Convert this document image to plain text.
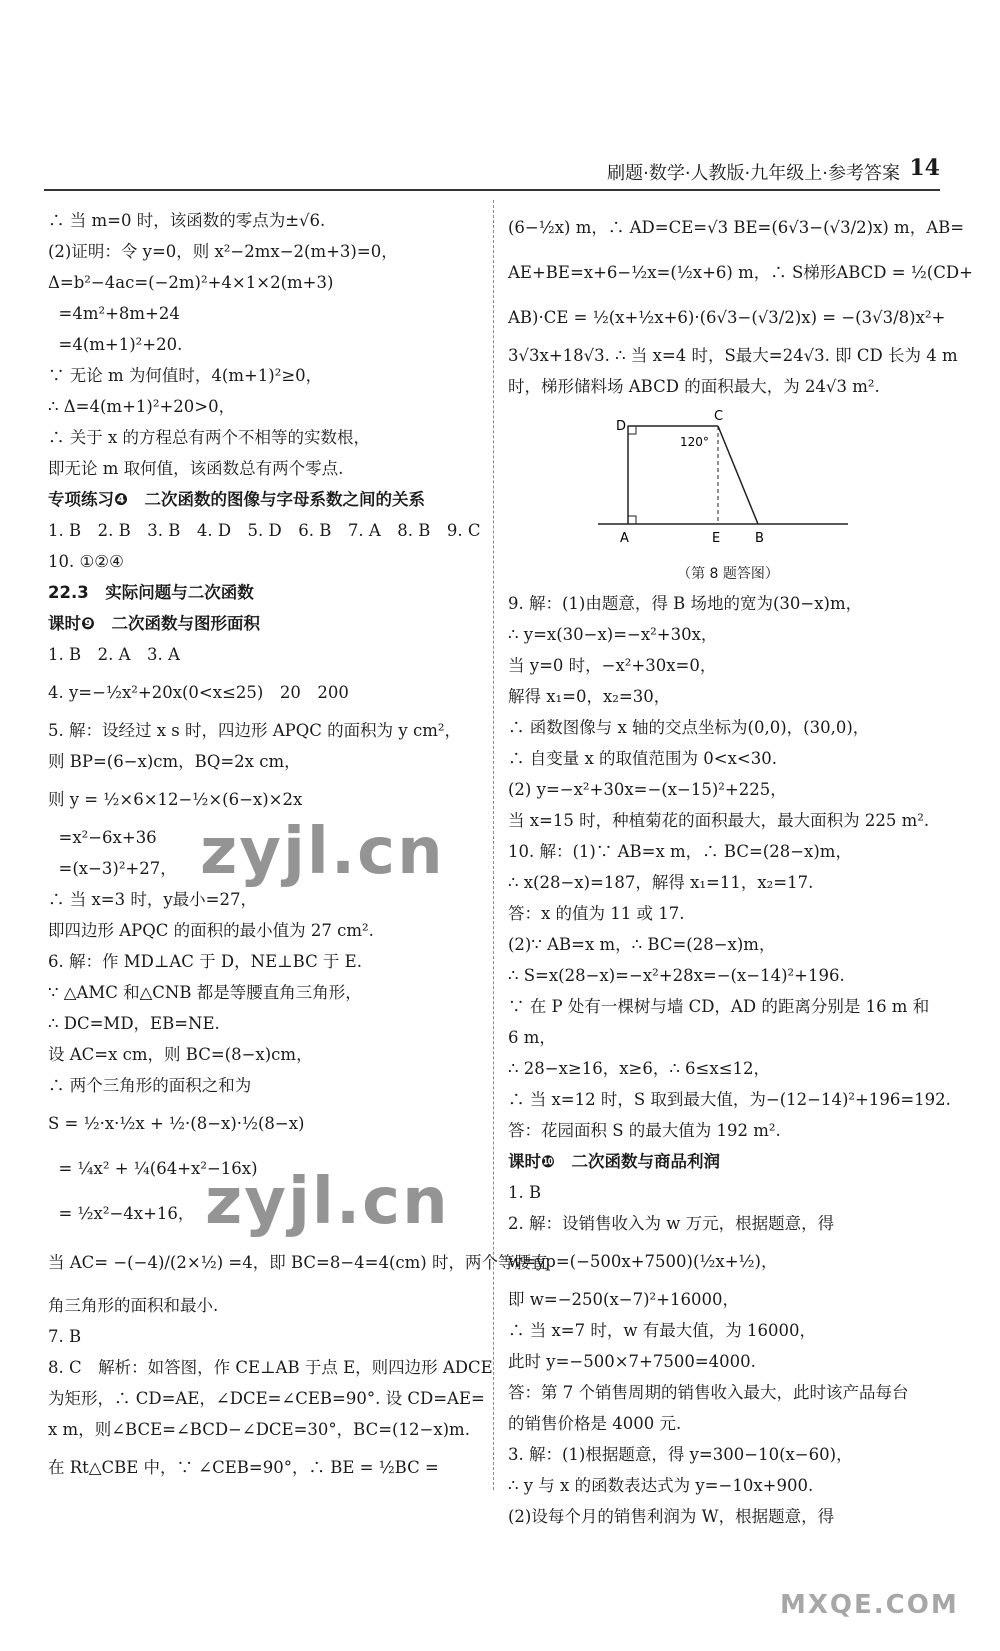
刷题·数学·人教版·九年级上·参考答案 14
∴ 当 m=0 时，该函数的零点为±√6.
(2)证明：令 y=0，则 x²−2mx−2(m+3)=0，
Δ=b²−4ac=(−2m)²+4×1×2(m+3)
=4m²+8m+24
=4(m+1)²+20.
∵ 无论 m 为何值时，4(m+1)²≥0，
∴ Δ=4(m+1)²+20>0，
∴ 关于 x 的方程总有两个不相等的实数根，
即无论 m 取何值，该函数总有两个零点.
专项练习❹　二次函数的图像与字母系数之间的关系
1. B　2. B　3. B　4. D　5. D　6. B　7. A　8. B　9. C
10. ①②④
22.3　实际问题与二次函数
课时❾　二次函数与图形面积
1. B　2. A　3. A
4. y=−½x²+20x(0<x≤25)　20　200
5. 解：设经过 x s 时，四边形 APQC 的面积为 y cm²，
则 BP=(6−x)cm，BQ=2x cm，
则 y = ½×6×12−½×(6−x)×2x
=x²−6x+36
=(x−3)²+27，
∴ 当 x=3 时，y最小=27，
即四边形 APQC 的面积的最小值为 27 cm².
6. 解：作 MD⊥AC 于 D，NE⊥BC 于 E.
∵ △AMC 和△CNB 都是等腰直角三角形，
∴ DC=MD，EB=NE.
设 AC=x cm，则 BC=(8−x)cm，
∴ 两个三角形的面积之和为
S = ½·x·½x + ½·(8−x)·½(8−x)
= ¼x² + ¼(64+x²−16x)
= ½x²−4x+16，
当 AC= −(−4)/(2×½) =4，即 BC=8−4=4(cm) 时，两个等腰直
角三角形的面积和最小.
7. B
8. C　解析：如答图，作 CE⊥AB 于点 E，则四边形 ADCE
为矩形，∴ CD=AE，∠DCE=∠CEB=90°. 设 CD=AE=
x m，则∠BCE=∠BCD−∠DCE=30°，BC=(12−x)m.
在 Rt△CBE 中，∵ ∠CEB=90°，∴ BE = ½BC =
(6−½x) m，∴ AD=CE=√3 BE=(6√3−(√3/2)x) m，AB=
AE+BE=x+6−½x=(½x+6) m，∴ S梯形ABCD = ½(CD+
AB)·CE = ½(x+½x+6)·(6√3−(√3/2)x) = −(3√3/8)x²+
3√3x+18√3. ∴ 当 x=4 时，S最大=24√3. 即 CD 长为 4 m
时，梯形储料场 ABCD 的面积最大，为 24√3 m².
D
C
A	E	B
120°
（第 8 题答图）
9. 解：(1)由题意，得 B 场地的宽为(30−x)m，
∴ y=x(30−x)=−x²+30x，
当 y=0 时，−x²+30x=0，
解得 x₁=0，x₂=30，
∴ 函数图像与 x 轴的交点坐标为(0,0)，(30,0)，
∴ 自变量 x 的取值范围为 0<x<30.
(2) y=−x²+30x=−(x−15)²+225，
当 x=15 时，种植菊花的面积最大，最大面积为 225 m².
10. 解：(1)∵ AB=x m，∴ BC=(28−x)m，
∴ x(28−x)=187，解得 x₁=11，x₂=17.
答：x 的值为 11 或 17.
(2)∵ AB=x m，∴ BC=(28−x)m，
∴ S=x(28−x)=−x²+28x=−(x−14)²+196.
∵ 在 P 处有一棵树与墙 CD，AD 的距离分别是 16 m 和
6 m，
∴ 28−x≥16，x≥6，∴ 6≤x≤12，
∴ 当 x=12 时，S 取到最大值，为−(12−14)²+196=192.
答：花园面积 S 的最大值为 192 m².
课时❿　二次函数与商品利润
1. B
2. 解：设销售收入为 w 万元，根据题意，得
w=yp=(−500x+7500)(½x+½)，
即 w=−250(x−7)²+16000，
∴ 当 x=7 时，w 有最大值，为 16000，
此时 y=−500×7+7500=4000.
答：第 7 个销售周期的销售收入最大，此时该产品每台
的销售价格是 4000 元.
3. 解：(1)根据题意，得 y=300−10(x−60)，
∴ y 与 x 的函数表达式为 y=−10x+900.
(2)设每个月的销售利润为 W，根据题意，得
zyjl.cn
zyjl.cn
MXQE.COM
